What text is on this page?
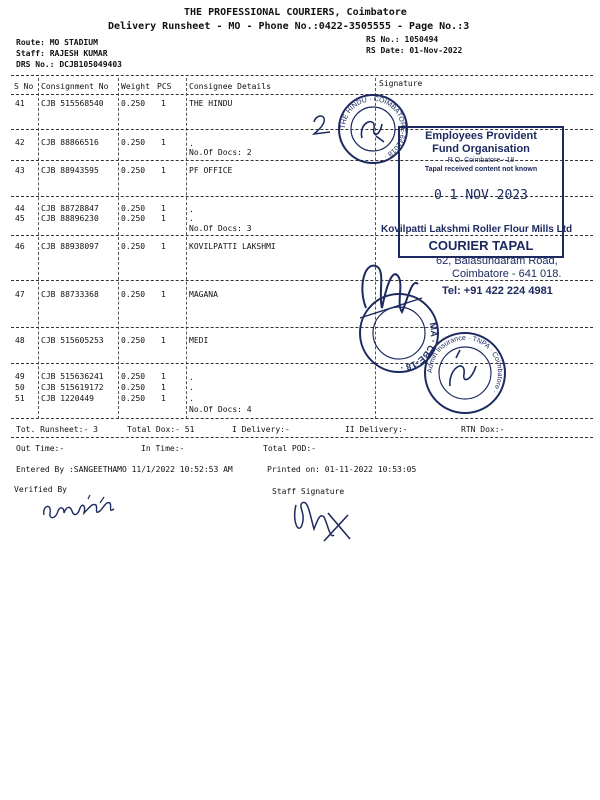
THE PROFESSIONAL COURIERS, Coimbatore
Delivery Runsheet - MO - Phone No.:0422-3505555 - Page No.:3
Route: MO STADIUM
Staff: RAJESH KUMAR
DRS No.: DCJB105049403
RS No.: 1050494
RS Date: 01-Nov-2022
S No Consignment No Weight PCS Consignee Details	Signature
41 CJB 515568540 0.250 1	THE HINDU
42 CJB 88866516	0.250 1	.
No.Of Docs: 2
43 CJB 88943595	0.250 1	PF OFFICE
44 CJB 88728847	0.250 1	.
45 CJB 88896230	0.250 1	.
No.Of Docs: 3
46 CJB 88938097	0.250 1	KOVILPATTI LAKSHMI
47 CJB 88733368	0.250 1	MAGANA
48 CJB 515605253 0.250 1	MEDI
49 CJB 515636241 0.250 1	.
50 CJB 515619172 0.250 1	.
51 CJB 1220449	0.250 1	.
No.Of Docs: 4
Tot. Runsheet:- 3	Total Dox:- 51	I Delivery:-	II Delivery:-	RTN Dox:-
Out Time:-	In Time:-	Total POD:-
Entered By :SANGEETHAMO 11/1/2022 10:52:53 AM	Printed on: 01-11-2022 10:53:05
Verified By	Staff Signature
THE HINDU · COIMBATORE-641018 ·
Employees Provident
Fund Organisation
R.O. Coimbatore - 18
Tapal received content not known
0 1 NOV 2023
COURIER TAPAL
Kovilpatti Lakshmi Roller Flour Mills Ltd
62, Balasundaram Road,
Coimbatore - 641 018.
Tel: +91 422 224 4981
MA · CBE-18 ·	Admin Insurance · TNPA · Coimbatore ·
